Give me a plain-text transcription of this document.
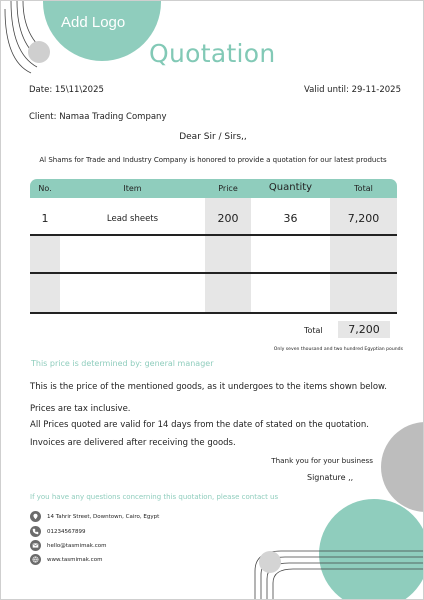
Add Logo
Quotation
Date: 15\11\2025	Valid until: 29-11-2025
Client: Namaa Trading Company
Dear Sir / Sirs,,
Al Shams for Trade and Industry Company is honored to provide a quotation for our latest products
No.	Item	Price	Quantity	Total
1	Lead sheets	200	36	7,200
Total	7,200
Only seven thousand and two hundred Egyptian pounds
This price is determined by: general manager
This is the price of the mentioned goods, as it undergoes to the items shown below.
Prices are tax inclusive.
All Prices quoted are valid for 14 days from the date of stated on the quotation.
Invoices are delivered after receiving the goods.
Thank you for your business
Signature ,,
If you have any questions concerning this quotation, please contact us
14 Tahrir Street, Downtown, Cairo, Egypt
01234567899
hello@tasmimak.com
www.tasmimak.com
